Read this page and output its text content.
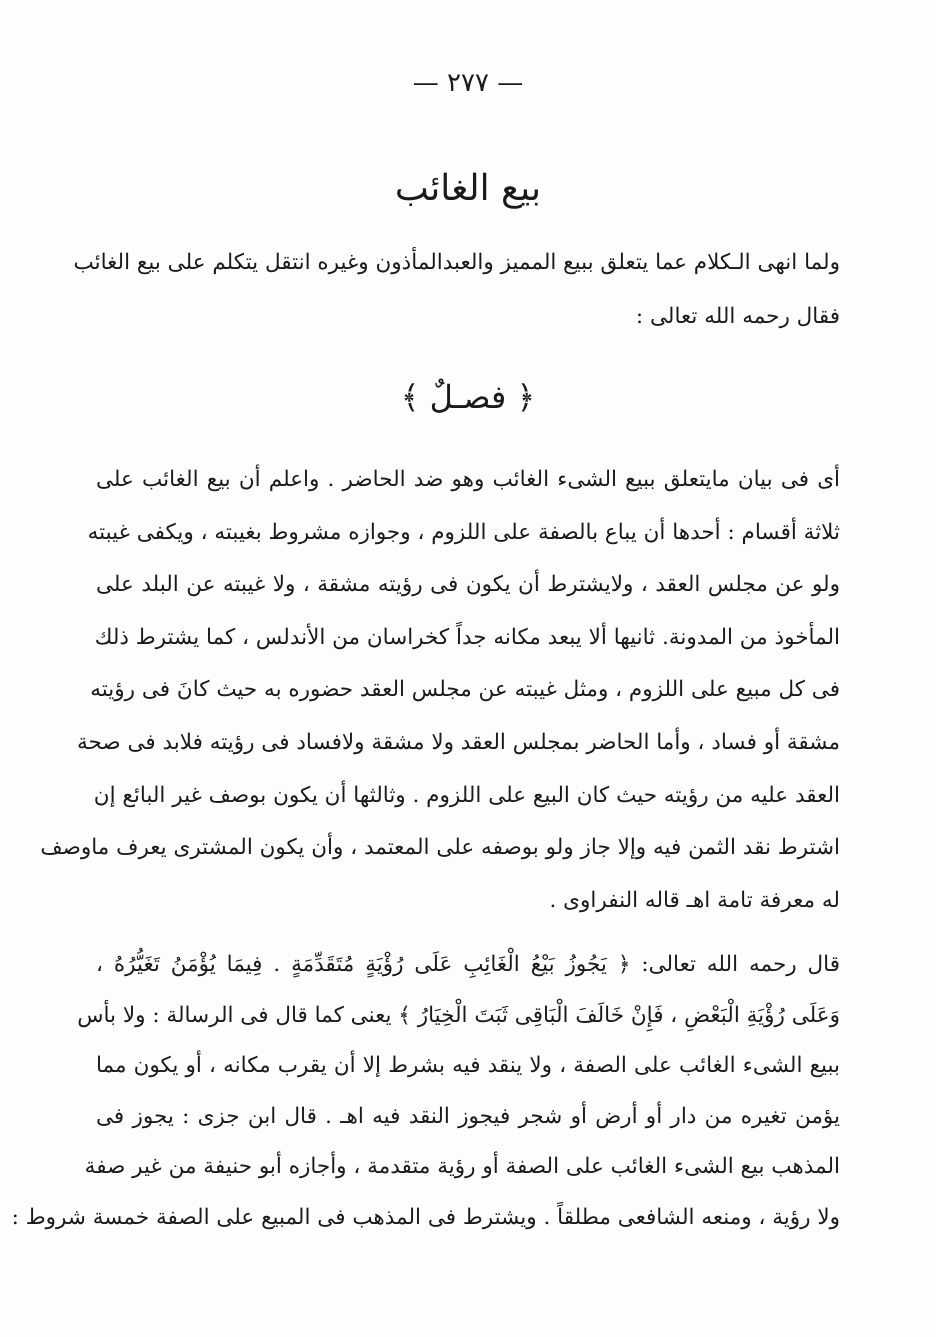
— ٢٧٧ —
بيع الغائب
ولما انهى الـكلام عما يتعلق ببيع المميز والعبدالمأذون وغيره انتقل يتكلم على بيع الغائب
فقال رحمه الله تعالى :
﴿ فصـلٌ ﴾
أى فى بيان مايتعلق ببيع الشىء الغائب وهو ضد الحاضر . واعلم أن بيع الغائب على
ثلاثة أقسام : أحدها أن يباع بالصفة على اللزوم ، وجوازه مشروط بغيبته ، ويكفى غيبته
ولو عن مجلس العقد ، ولايشترط أن يكون فى رؤيته مشقة ، ولا غيبته عن البلد على
المأخوذ من المدونة. ثانيها ألا يبعد مكانه جداً كخراسان من الأندلس ، كما يشترط ذلك
فى كل مبيع على اللزوم ، ومثل غيبته عن مجلس العقد حضوره به حيث كانَ فى رؤيته
مشقة أو فساد ، وأما الحاضر بمجلس العقد ولا مشقة ولافساد فى رؤيته فلابد فى صحة
العقد عليه من رؤيته حيث كان البيع على اللزوم . وثالثها أن يكون بوصف غير البائع إن
اشترط نقد الثمن فيه وإلا جاز ولو بوصفه على المعتمد ، وأن يكون المشترى يعرف ماوصف
له معرفة تامة اهـ قاله النفراوى .
قال رحمه الله تعالى: ﴿ يَجُوزُ بَيْعُ الْغَائِبِ عَلَى رُؤْيَةٍ مُتَقَدِّمَةٍ . فِيمَا يُؤْمَنُ تَغَيُّرُهُ ،
وَعَلَى رُؤْيَةِ الْبَعْضِ ، فَإِنْ خَالَفَ الْبَاقِى ثَبَتَ الْخِيَارُ ﴾ يعنى كما قال فى الرسالة : ولا بأس
ببيع الشىء الغائب على الصفة ، ولا ينقد فيه بشرط إلا أن يقرب مكانه ، أو يكون مما
يؤمن تغيره من دار أو أرض أو شجر فيجوز النقد فيه اهـ . قال ابن جزى : يجوز فى
المذهب بيع الشىء الغائب على الصفة أو رؤية متقدمة ، وأجازه أبو حنيفة من غير صفة
ولا رؤية ، ومنعه الشافعى مطلقاً . ويشترط فى المذهب فى المبيع على الصفة خمسة شروط :
